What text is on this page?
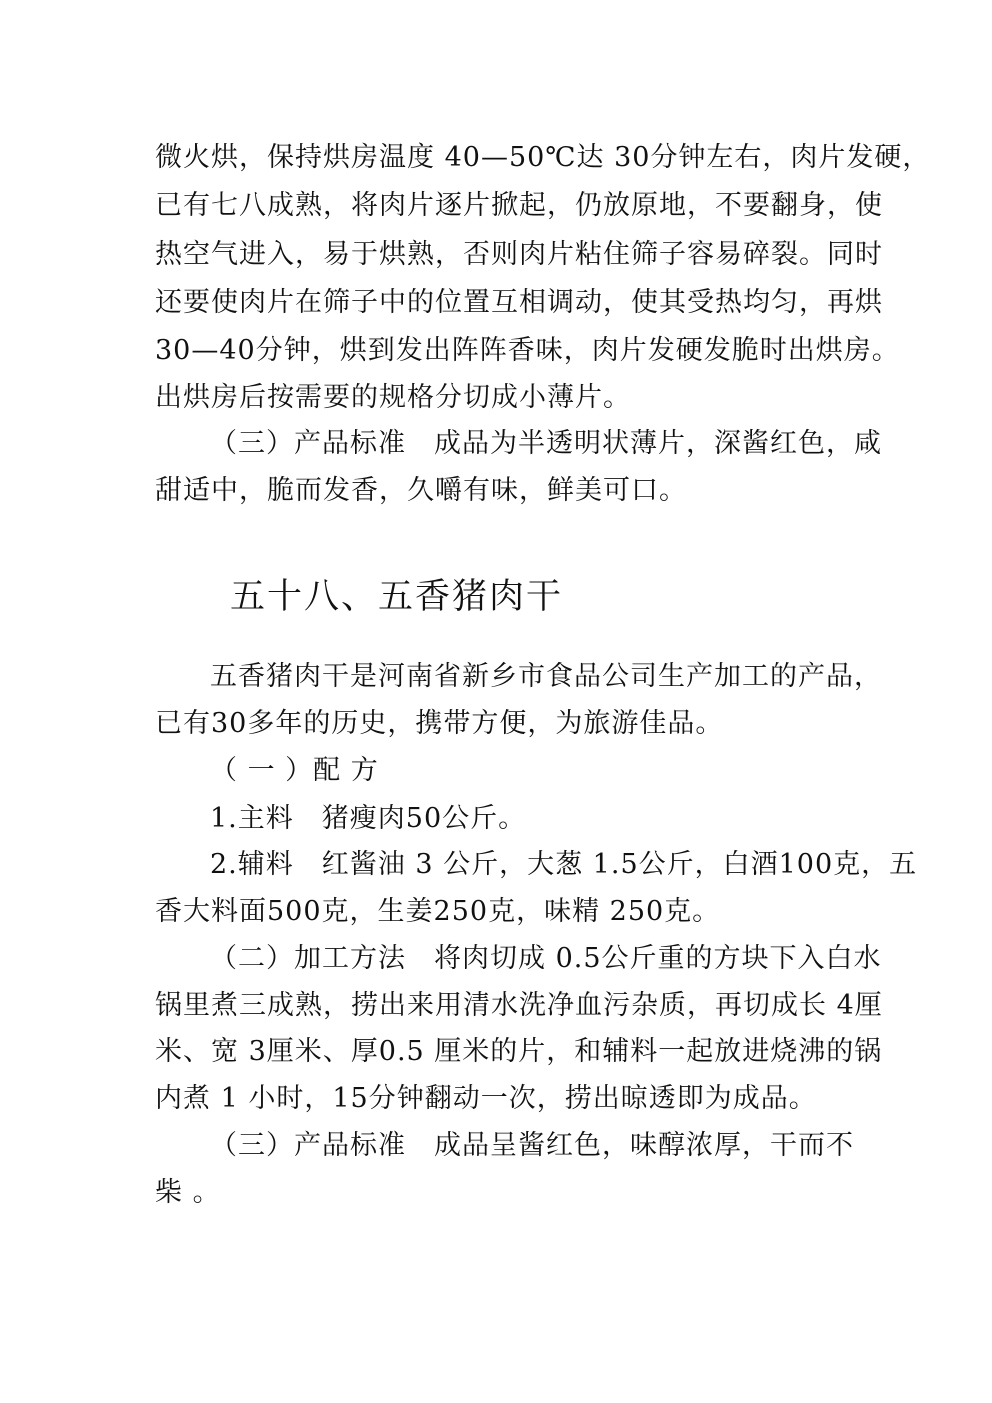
微火烘，保持烘房温度 40—50℃达 30分钟左右，肉片发硬，
已有七八成熟，将肉片逐片掀起，仍放原地，不要翻身，使
热空气进入，易于烘熟，否则肉片粘住筛子容易碎裂。同时
还要使肉片在筛子中的位置互相调动，使其受热均匀，再烘
30—40分钟，烘到发出阵阵香味，肉片发硬发脆时出烘房。
出烘房后按需要的规格分切成小薄片。
（三）产品标准　成品为半透明状薄片，深酱红色，咸
甜适中，脆而发香，久嚼有味，鲜美可口。
五十八、五香猪肉干
五香猪肉干是河南省新乡市食品公司生产加工的产品，
已有30多年的历史，携带方便，为旅游佳品。
（ 一 ）配 方
1.主料　猪瘦肉50公斤。
2.辅料　红酱油 3 公斤，大葱 1.5公斤，白酒100克，五
香大料面500克，生姜250克，味精 250克。
（二）加工方法　将肉切成 0.5公斤重的方块下入白水
锅里煮三成熟，捞出来用清水洗净血污杂质，再切成长 4厘
米、宽 3厘米、厚0.5 厘米的片，和辅料一起放进烧沸的锅
内煮 1 小时，15分钟翻动一次，捞出晾透即为成品。
（三）产品标准　成品呈酱红色，味醇浓厚，干而不
柴 。
